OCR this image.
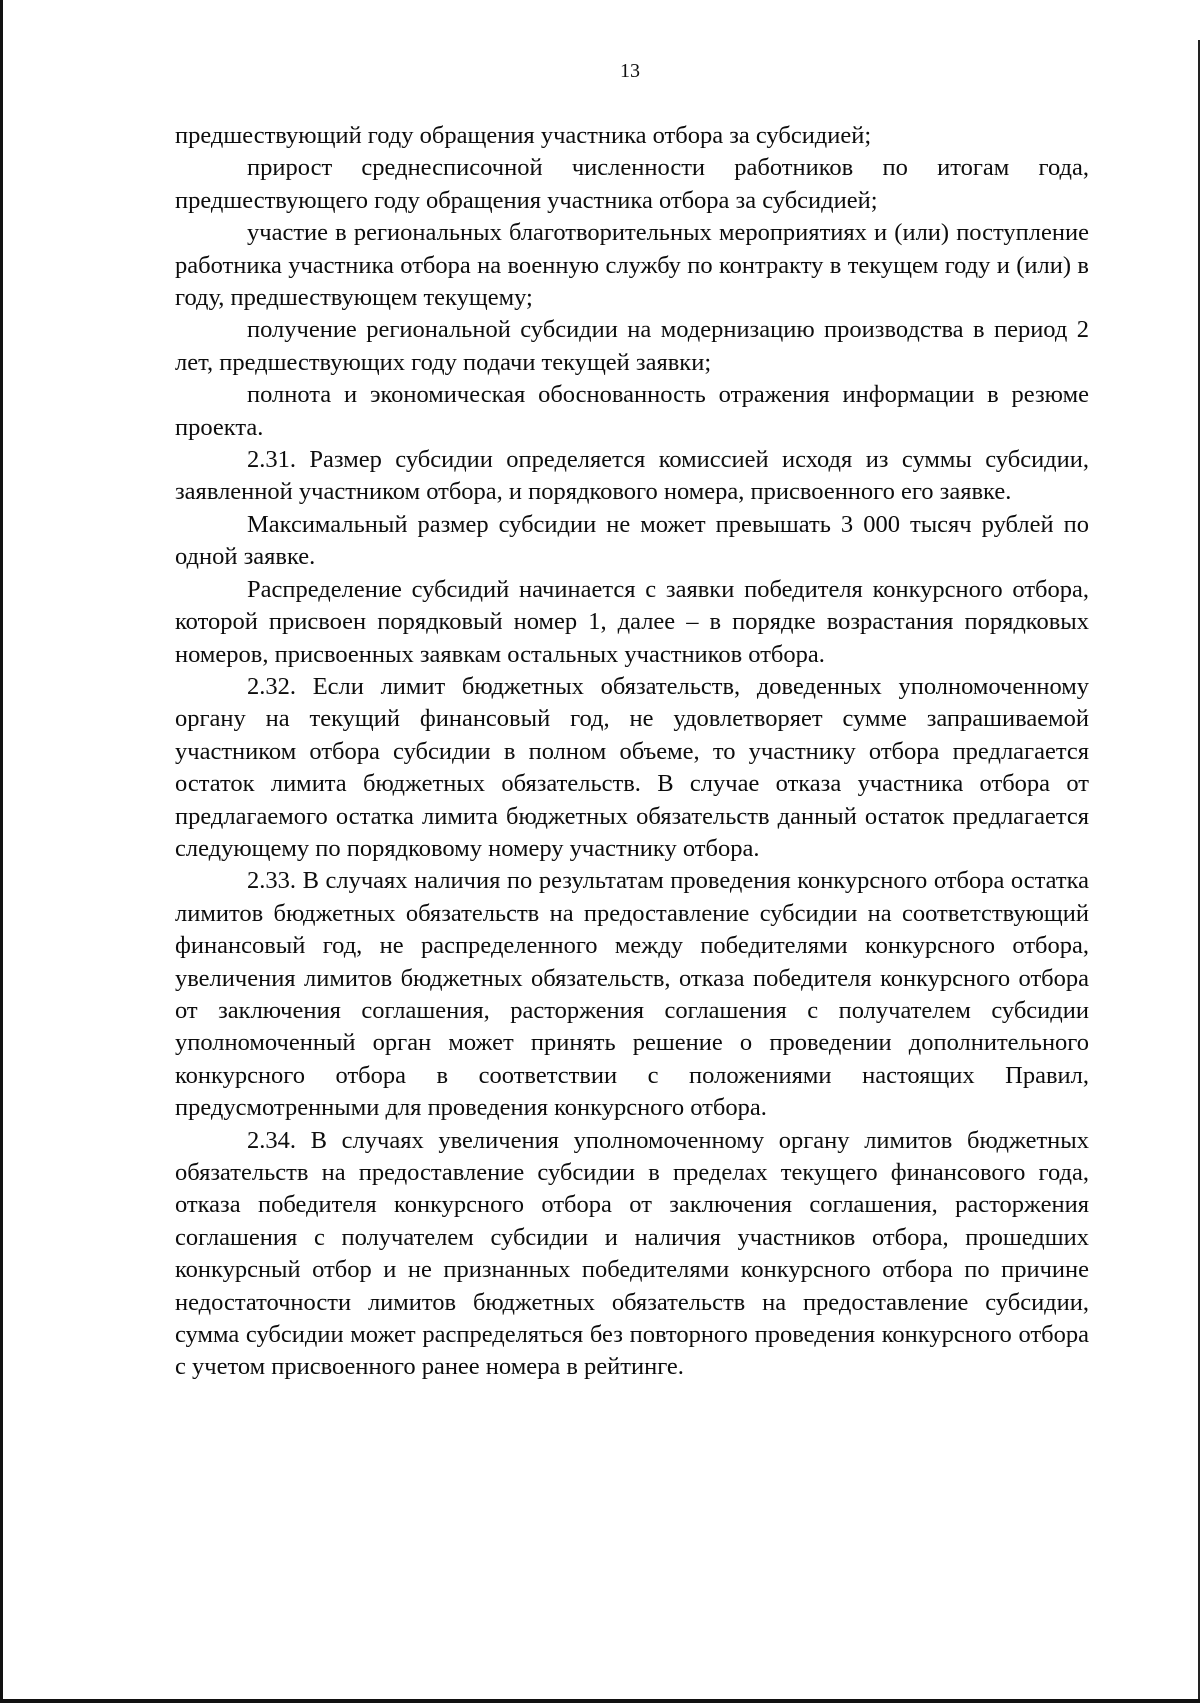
13

предшествующий году обращения участника отбора за субсидией;

прирост среднесписочной численности работников по итогам года, предшествующего году обращения участника отбора за субсидией;

участие в региональных благотворительных мероприятиях и (или) поступление работника участника отбора на военную службу по контракту в текущем году и (или) в году, предшествующем текущему;

получение региональной субсидии на модернизацию производства в период 2 лет, предшествующих году подачи текущей заявки;

полнота и экономическая обоснованность отражения информации в резюме проекта.

2.31. Размер субсидии определяется комиссией исходя из суммы субсидии, заявленной участником отбора, и порядкового номера, присвоенного его заявке.

Максимальный размер субсидии не может превышать 3 000 тысяч рублей по одной заявке.

Распределение субсидий начинается с заявки победителя конкурсного отбора, которой присвоен порядковый номер 1, далее – в порядке возрастания порядковых номеров, присвоенных заявкам остальных участников отбора.

2.32. Если лимит бюджетных обязательств, доведенных уполномоченному органу на текущий финансовый год, не удовлетворяет сумме запрашиваемой участником отбора субсидии в полном объеме, то участнику отбора предлагается остаток лимита бюджетных обязательств. В случае отказа участника отбора от предлагаемого остатка лимита бюджетных обязательств данный остаток предлагается следующему по порядковому номеру участнику отбора.

2.33. В случаях наличия по результатам проведения конкурсного отбора остатка лимитов бюджетных обязательств на предоставление субсидии на соответствующий финансовый год, не распределенного между победителями конкурсного отбора, увеличения лимитов бюджетных обязательств, отказа победителя конкурсного отбора от заключения соглашения, расторжения соглашения с получателем субсидии уполномоченный орган может принять решение о проведении дополнительного конкурсного отбора в соответствии с положениями настоящих Правил, предусмотренными для проведения конкурсного отбора.

2.34. В случаях увеличения уполномоченному органу лимитов бюджетных обязательств на предоставление субсидии в пределах текущего финансового года, отказа победителя конкурсного отбора от заключения соглашения, расторжения соглашения с получателем субсидии и наличия участников отбора, прошедших конкурсный отбор и не признанных победителями конкурсного отбора по причине недостаточности лимитов бюджетных обязательств на предоставление субсидии, сумма субсидии может распределяться без повторного проведения конкурсного отбора с учетом присвоенного ранее номера в рейтинге.
